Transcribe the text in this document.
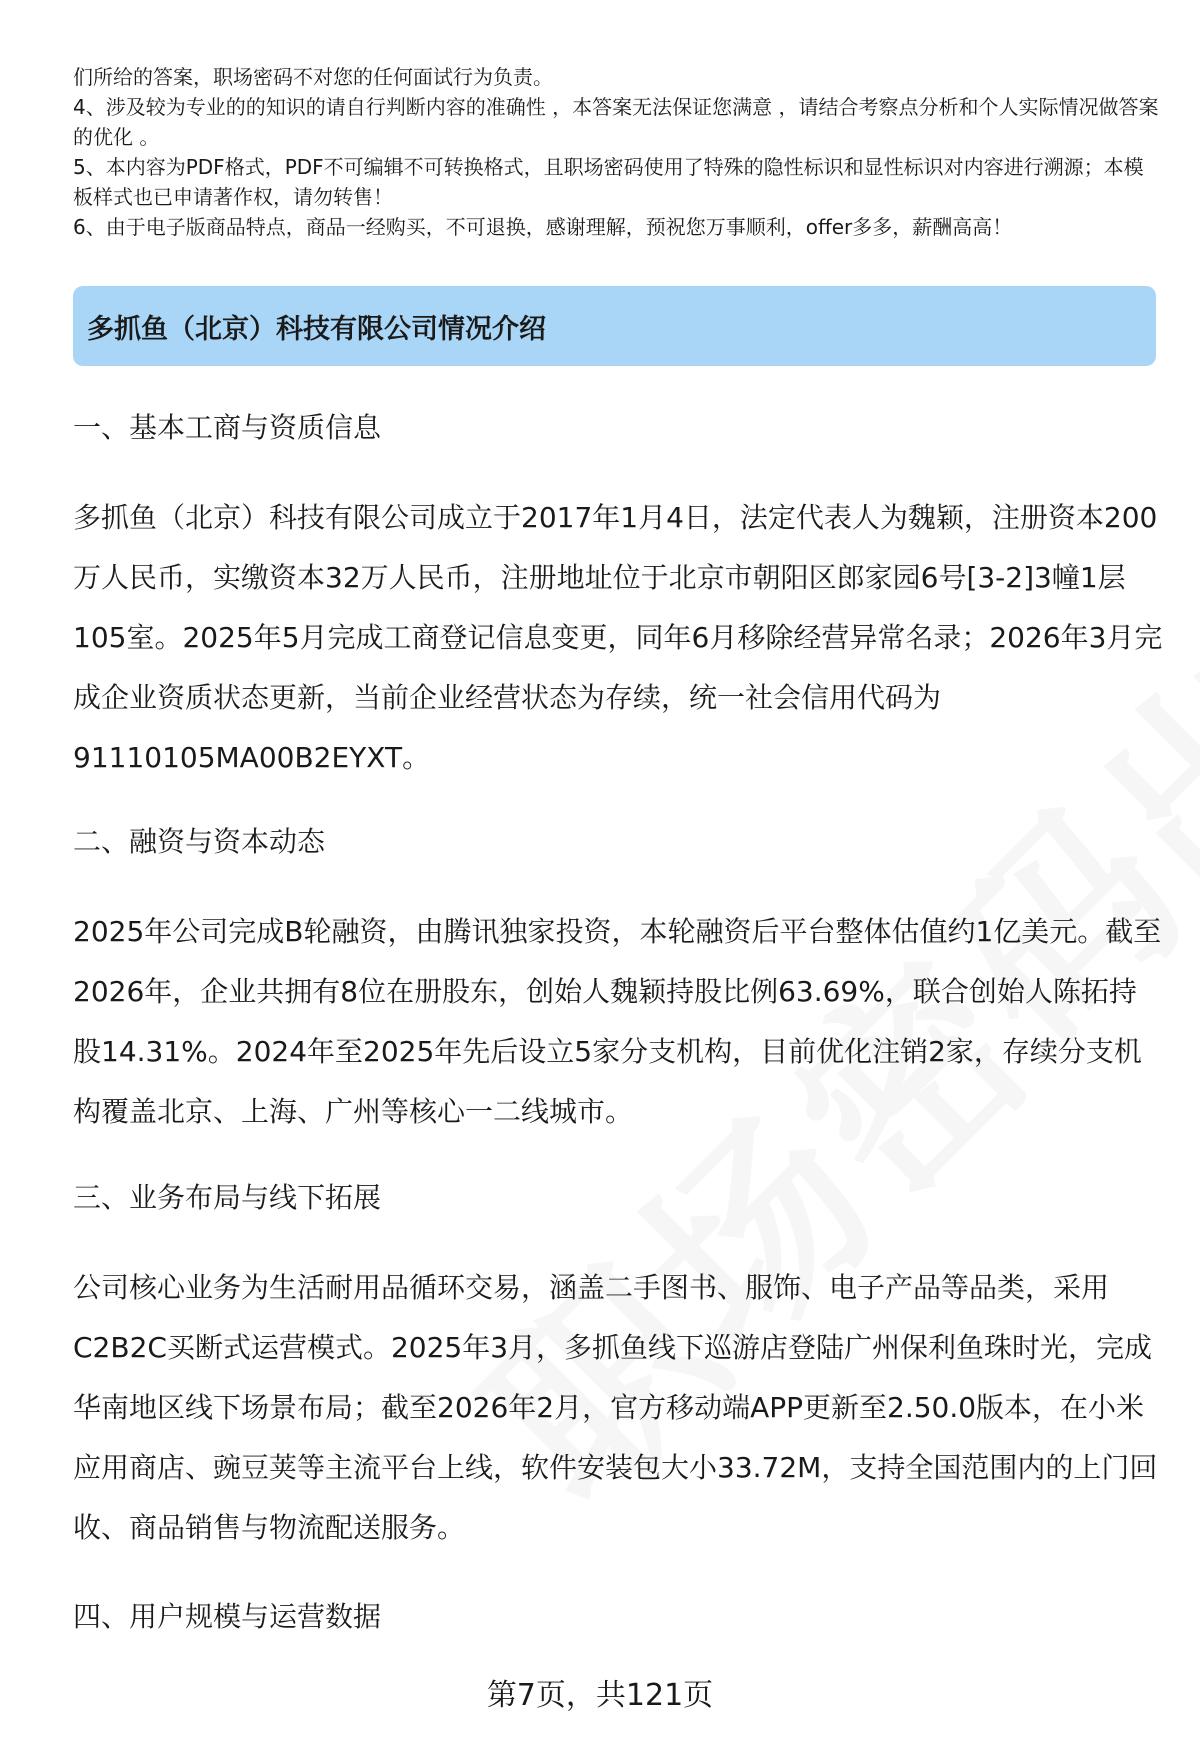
们所给的答案，职场密码不对您的任何面试行为负责。

4、涉及较为专业的的知识的请自行判断内容的准确性 ，本答案无法保证您满意 ，请结合考察点分析和个人实际情况做答案的优化 。

5、本内容为PDF格式，PDF不可编辑不可转换格式，且职场密码使用了特殊的隐性标识和显性标识对内容进行溯源；本模板样式也已申请著作权，请勿转售！

6、由于电子版商品特点，商品一经购买，不可退换，感谢理解，预祝您万事顺利，offer多多，薪酬高高！

多抓鱼（北京）科技有限公司情况介绍
一、基本工商与资质信息

多抓鱼（北京）科技有限公司成立于2017年1月4日，法定代表人为魏颖，注册资本200万人民币，实缴资本32万人民币，注册地址位于北京市朝阳区郎家园6号[3-2]3幢1层105室。2025年5月完成工商登记信息变更，同年6月移除经营异常名录；2026年3月完成企业资质状态更新，当前企业经营状态为存续，统一社会信用代码为91110105MA00B2EYXT。

二、融资与资本动态

2025年公司完成B轮融资，由腾讯独家投资，本轮融资后平台整体估值约1亿美元。截至2026年，企业共拥有8位在册股东，创始人魏颖持股比例63.69%，联合创始人陈拓持股14.31%。2024年至2025年先后设立5家分支机构，目前优化注销2家，存续分支机构覆盖北京、上海、广州等核心一二线城市。

三、业务布局与线下拓展

公司核心业务为生活耐用品循环交易，涵盖二手图书、服饰、电子产品等品类，采用C2B2C买断式运营模式。2025年3月，多抓鱼线下巡游店登陆广州保利鱼珠时光，完成华南地区线下场景布局；截至2026年2月，官方移动端APP更新至2.50.0版本，在小米应用商店、豌豆荚等主流平台上线，软件安装包大小33.72M，支持全国范围内的上门回收、商品销售与物流配送服务。

四、用户规模与运营数据
第7页，共121页
